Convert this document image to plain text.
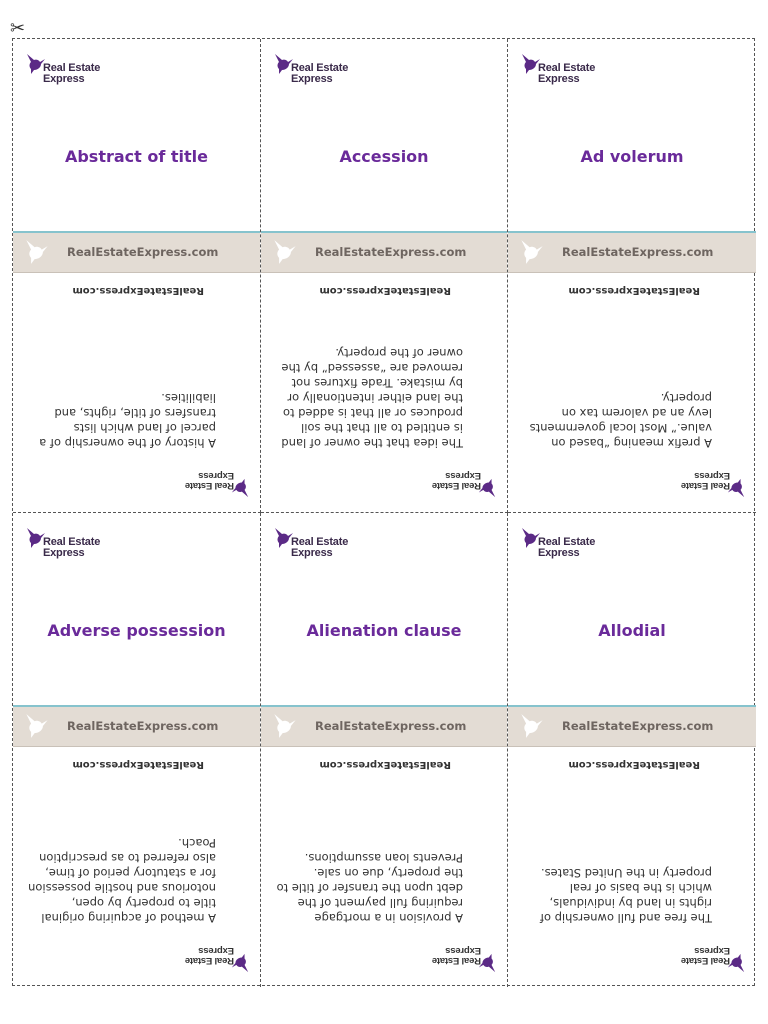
✂
Real Estate
Express
Abstract of title
RealEstateExpress.com
Real Estate
Express
A history of the ownership of a parcel of land which lists transfers of title, rights, and liabilities.
RealEstateExpress.com
Real Estate
Express
Accession
RealEstateExpress.com
Real Estate
Express
The idea that the owner of land is entitled to all that the soil produces or all that is added to the land either intentionally or by mistake. Trade fixtures not removed are “assessed” by the owner of the property.
RealEstateExpress.com
Real Estate
Express
Ad volerum
RealEstateExpress.com
Real Estate
Express
A prefix meaning “based on value.” Most local governments levy an ad valorem tax on property.
RealEstateExpress.com
Real Estate
Express
Adverse possession
RealEstateExpress.com
Real Estate
Express
A method of acquiring original title to property by open, notorious and hostile possession for a statutory period of time, also referred to as prescription Poach.
RealEstateExpress.com
Real Estate
Express
Alienation clause
RealEstateExpress.com
Real Estate
Express
A provision in a mortgage requiring full payment of the debt upon the transfer of title to the property, due on sale. Prevents loan assumptions.
RealEstateExpress.com
Real Estate
Express
Allodial
RealEstateExpress.com
Real Estate
Express
The free and full ownership of rights in land by individuals, which is the basis of real property in the United States.
RealEstateExpress.com
